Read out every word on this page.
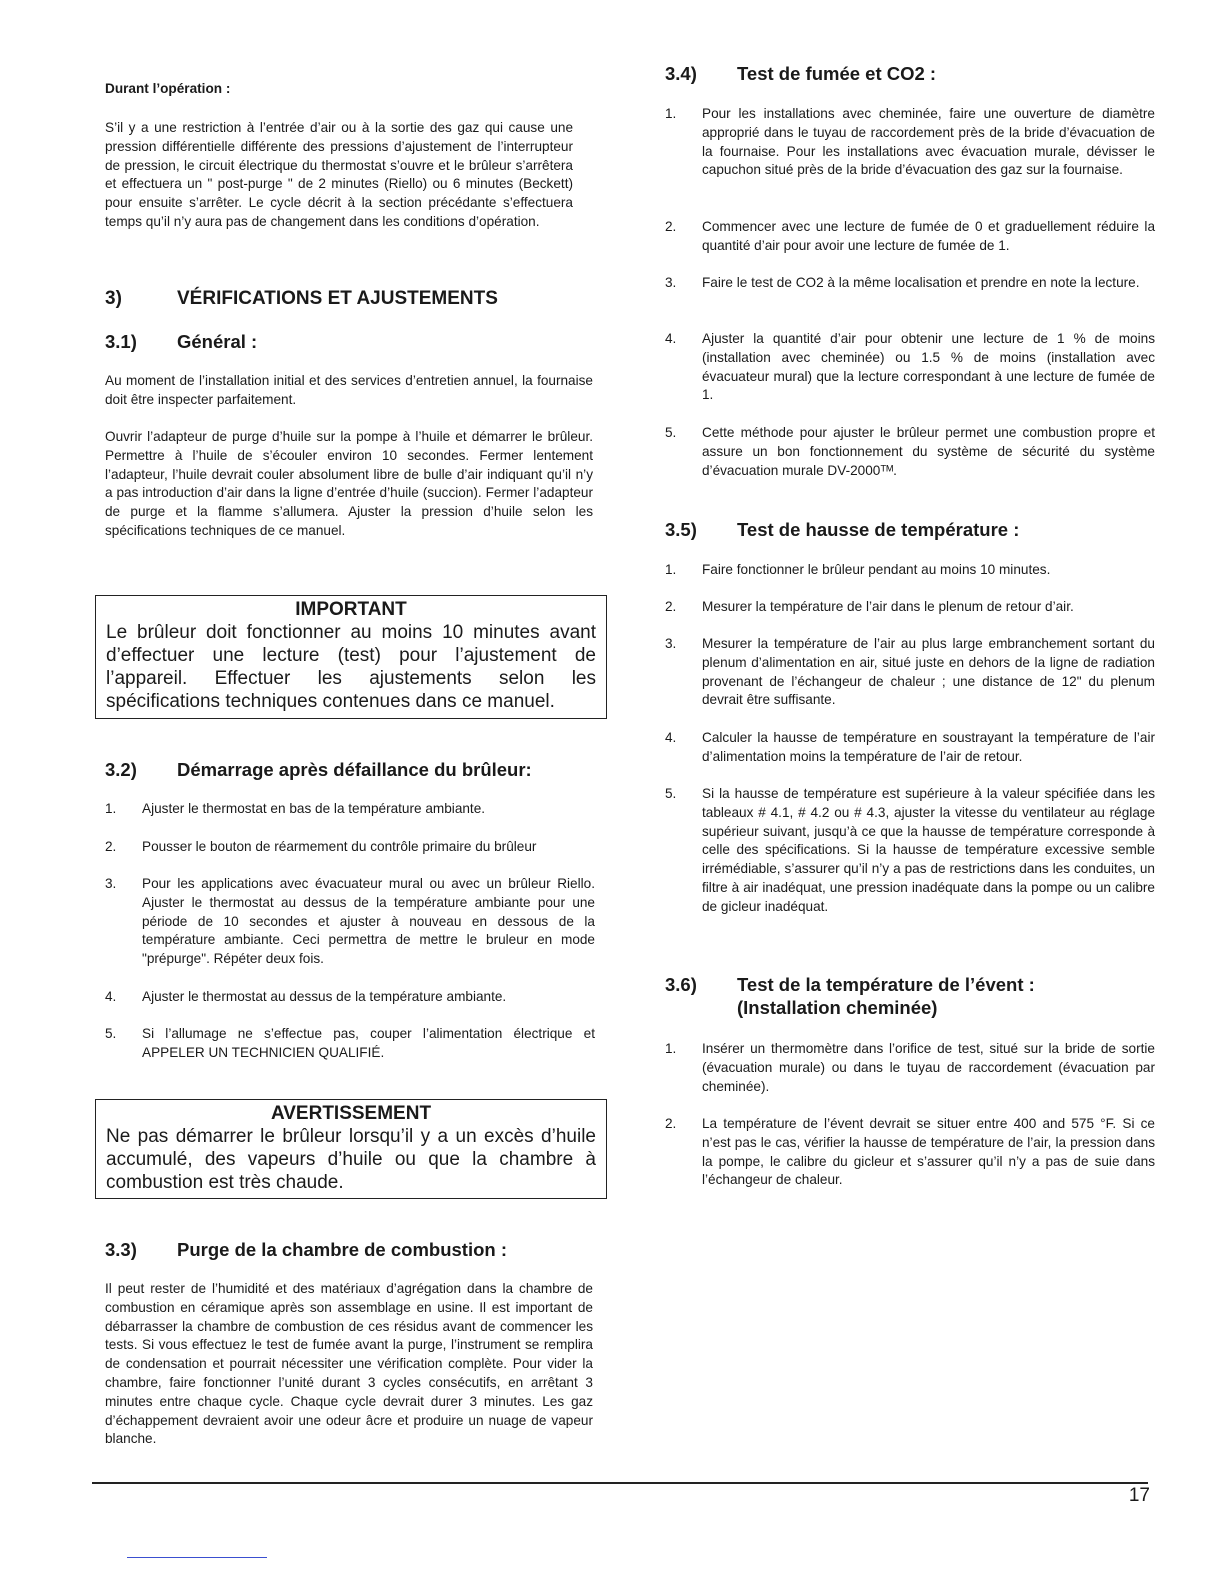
Durant l’opération :

S’il y a une restriction à l’entrée d’air ou à la sortie des gaz qui cause une pression différentielle différente des pressions d’ajustement de l’interrupteur de pression, le circuit électrique du thermostat s’ouvre et le brûleur s’arrêtera et effectuera un " post-purge " de 2 minutes (Riello) ou 6 minutes (Beckett) pour ensuite s’arrêter. Le cycle décrit à la section précédante s’effectuera temps qu’il n’y aura pas de changement dans les conditions d’opération.

3)	VÉRIFICATIONS ET AJUSTEMENTS
3.1)	Général :

Au moment de l’installation initial et des services d’entretien annuel, la fournaise doit être inspecter parfaitement.

Ouvrir l’adapteur de purge d’huile sur la pompe à l’huile et démarrer le brûleur. Permettre à l’huile de s’écouler environ 10 secondes. Fermer lentement l’adapteur, l’huile devrait couler absolument libre de bulle d’air indiquant qu’il n’y a pas introduction d’air dans la ligne d’entrée d’huile (succion). Fermer l’adapteur de purge et la flamme s’allumera. Ajuster la pression d’huile selon les spécifications techniques de ce manuel.

IMPORTANT

Le brûleur doit fonctionner au moins 10 minutes avant d’effectuer une lecture (test) pour l’ajustement de l’appareil. Effectuer les ajustements selon les spécifications techniques contenues dans ce manuel.

3.2)	Démarrage après défaillance du brûleur:
1.	Ajuster le thermostat en bas de la température ambiante.

2.	Pousser le bouton de réarmement du contrôle primaire du brûleur

3.	Pour les applications avec évacuateur mural ou avec un brûleur Riello. Ajuster le thermostat au dessus de la température ambiante pour une période de 10 secondes et ajuster à nouveau en dessous de la température ambiante. Ceci permettra de mettre le bruleur en mode "prépurge". Répéter deux fois.

4.	Ajuster le thermostat au dessus de la température ambiante.

5.	Si l’allumage ne s’effectue pas, couper l’alimentation électrique et APPELER UN TECHNICIEN QUALIFIÉ.

AVERTISSEMENT

Ne pas démarrer le brûleur lorsqu’il y a un excès d’huile accumulé, des vapeurs d’huile ou que la chambre à combustion est très chaude.

3.3)	Purge de la chambre de combustion :

Il peut rester de l’humidité et des matériaux d’agrégation dans la chambre de combustion en céramique après son assemblage en usine. Il est important de débarrasser la chambre de combustion de ces résidus avant de commencer les tests. Si vous effectuez le test de fumée avant la purge, l’instrument se remplira de condensation et pourrait nécessiter une vérification complète. Pour vider la chambre, faire fonctionner l’unité durant 3 cycles consécutifs, en arrêtant 3 minutes entre chaque cycle. Chaque cycle devrait durer 3 minutes. Les gaz d’échappement devraient avoir une odeur âcre et produire un nuage de vapeur blanche.

3.4)	Test de fumée et CO2 :
1.	Pour les installations avec cheminée, faire une ouverture de diamètre approprié dans le tuyau de raccordement près de la bride d’évacuation de la fournaise. Pour les installations avec évacuation murale, dévisser le capuchon situé près de la bride d’évacuation des gaz sur la fournaise.

2.	Commencer avec une lecture de fumée de 0 et graduellement réduire la quantité d’air pour avoir une lecture de fumée de 1.

3.	Faire le test de CO2 à la même localisation et prendre en note la lecture.

4.	Ajuster la quantité d’air pour obtenir une lecture de 1 % de moins (installation avec cheminée) ou 1.5 % de moins (installation avec évacuateur mural) que la lecture correspondant à une lecture de fumée de 1.

5.	Cette méthode pour ajuster le brûleur permet une combustion propre et assure un bon fonctionnement du système de sécurité du système d’évacuation murale DV-2000ᵀᴹ.

3.5)	Test de hausse de température :
1.	Faire fonctionner le brûleur pendant au moins 10 minutes.

2.	Mesurer la température de l’air dans le plenum de retour d’air.

3.	Mesurer la température de l’air au plus large embranchement sortant du plenum d’alimentation en air, situé juste en dehors de la ligne de radiation provenant de l’échangeur de chaleur ; une distance de 12" du plenum devrait être suffisante.

4.	Calculer la hausse de température en soustrayant la température de l’air d’alimentation moins la température de l’air de retour.

5.	Si la hausse de température est supérieure à la valeur spécifiée dans les tableaux # 4.1, # 4.2 ou # 4.3, ajuster la vitesse du ventilateur au réglage supérieur suivant, jusqu’à ce que la hausse de température corresponde à celle des spécifications. Si la hausse de température excessive semble irrémédiable, s’assurer qu’il n’y a pas de restrictions dans les conduites, un filtre à air inadéquat, une pression inadéquate dans la pompe ou un calibre de gicleur inadéquat.

3.6)	Test de la température de l’évent :
(Installation cheminée)
1.	Insérer un thermomètre dans l’orifice de test, situé sur la bride de sortie (évacuation murale) ou dans le tuyau de raccordement (évacuation par cheminée).

2.	La température de l’évent devrait se situer entre 400 and 575 °F. Si ce n’est pas le cas, vérifier la hausse de température de l’air, la pression dans la pompe, le calibre du gicleur et s’assurer qu’il n’y a pas de suie dans l’échangeur de chaleur.

17
